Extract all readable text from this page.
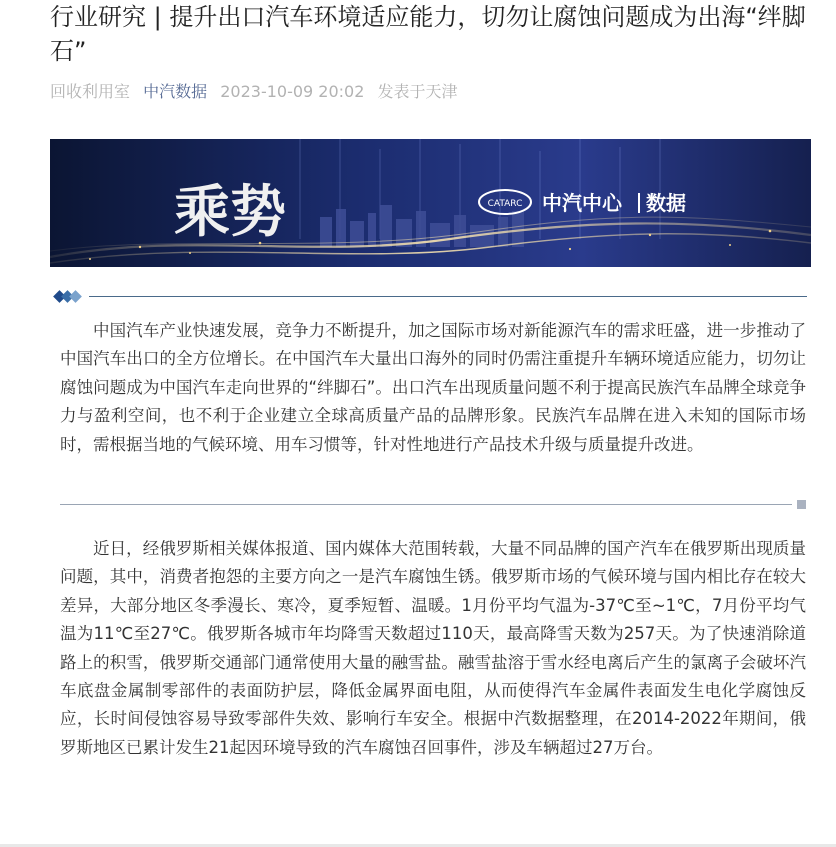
行业研究 | 提升出口汽车环境适应能力，切勿让腐蚀问题成为出海“绊脚石”
回收利用室 中汽数据 2023-10-09 20:02 发表于天津
乘势	CATARC 中汽中心 数据

中国汽车产业快速发展，竞争力不断提升，加之国际市场对新能源汽车的需求旺盛，进一步推动了中国汽车出口的全方位增长。在中国汽车大量出口海外的同时仍需注重提升车辆环境适应能力，切勿让腐蚀问题成为中国汽车走向世界的“绊脚石”。出口汽车出现质量问题不利于提高民族汽车品牌全球竞争力与盈利空间，也不利于企业建立全球高质量产品的品牌形象。民族汽车品牌在进入未知的国际市场时，需根据当地的气候环境、用车习惯等，针对性地进行产品技术升级与质量提升改进。

近日，经俄罗斯相关媒体报道、国内媒体大范围转载，大量不同品牌的国产汽车在俄罗斯出现质量问题，其中，消费者抱怨的主要方向之一是汽车腐蚀生锈。俄罗斯市场的气候环境与国内相比存在较大差异，大部分地区冬季漫长、寒冷，夏季短暂、温暖。1月份平均气温为-37℃至~1℃，7月份平均气温为11℃至27℃。俄罗斯各城市年均降雪天数超过110天，最高降雪天数为257天。为了快速消除道路上的积雪，俄罗斯交通部门通常使用大量的融雪盐。融雪盐溶于雪水经电离后产生的氯离子会破坏汽车底盘金属制零部件的表面防护层，降低金属界面电阻，从而使得汽车金属件表面发生电化学腐蚀反应，长时间侵蚀容易导致零部件失效、影响行车安全。根据中汽数据整理，在2014-2022年期间，俄罗斯地区已累计发生21起因环境导致的汽车腐蚀召回事件，涉及车辆超过27万台。
